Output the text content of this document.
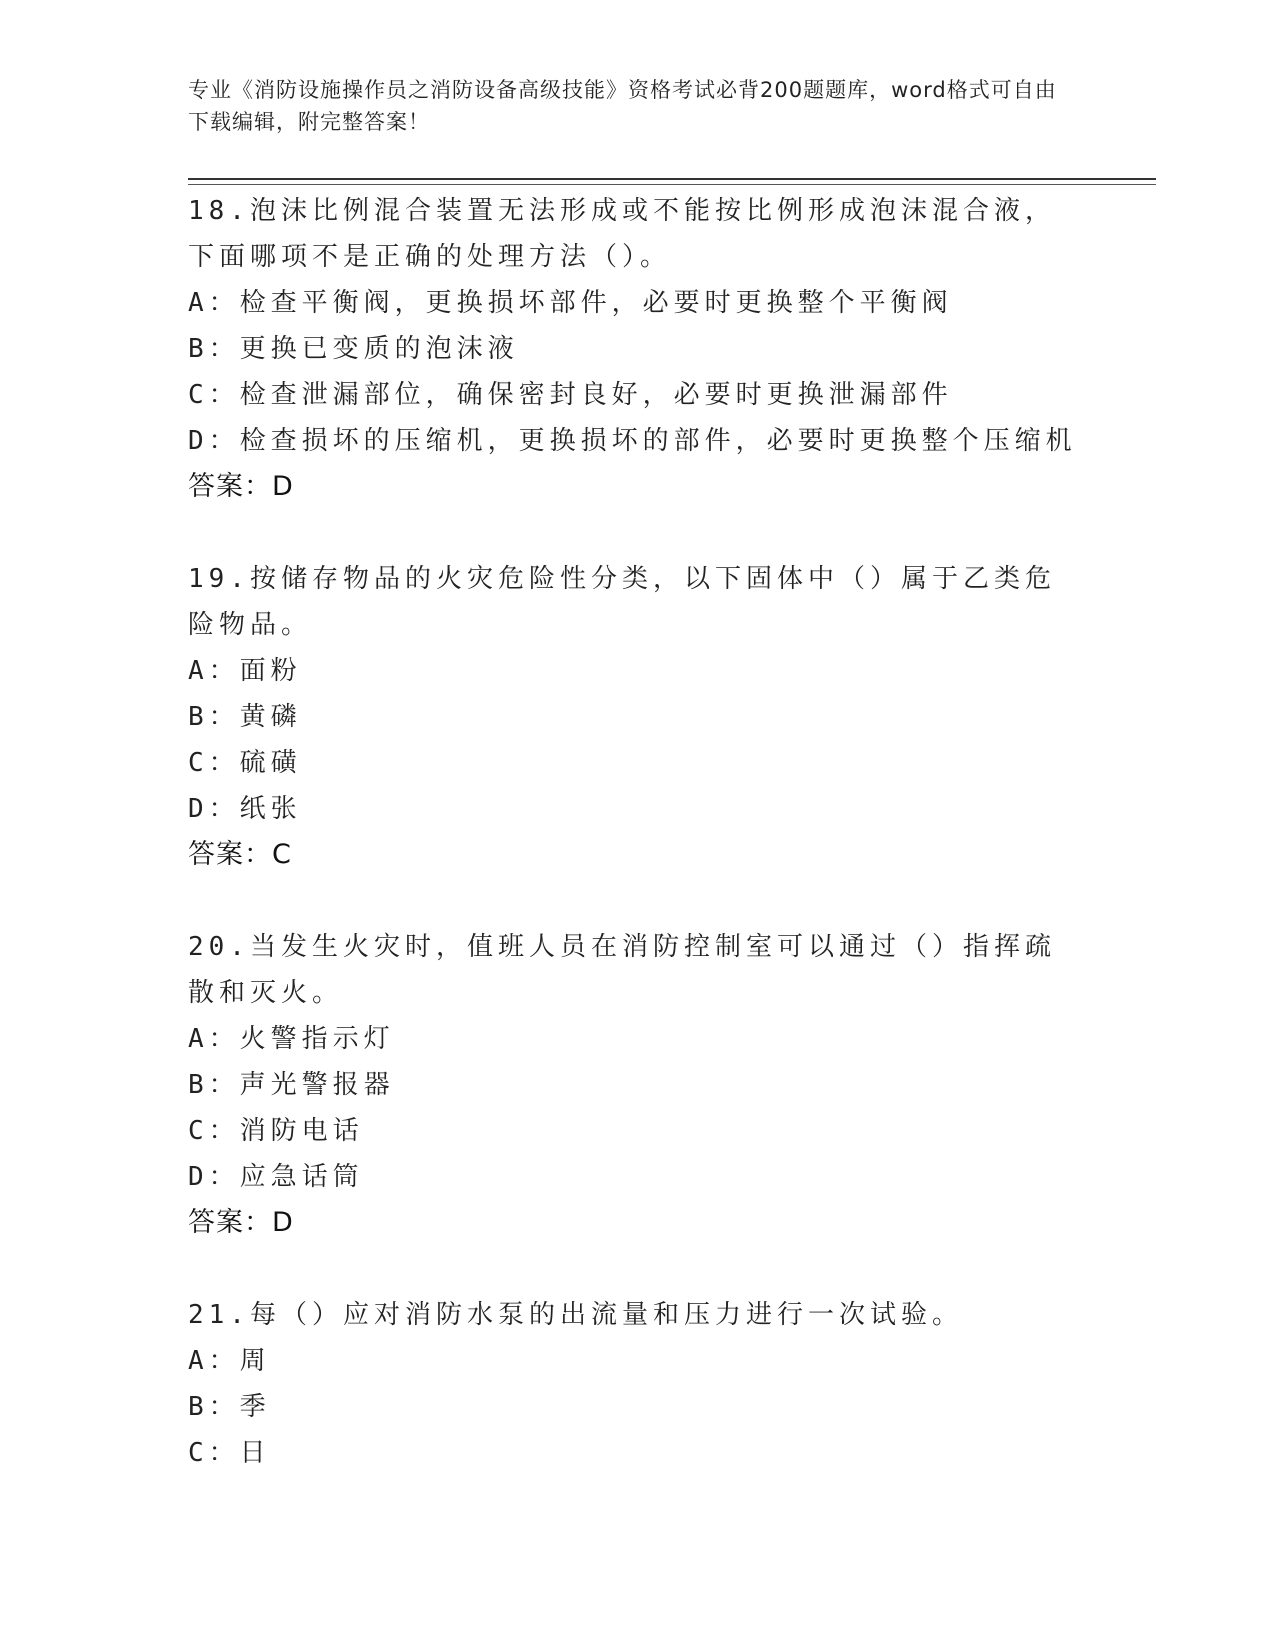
专业《消防设施操作员之消防设备高级技能》资格考试必背200题题库，word格式可自由下载编辑，附完整答案！
18.泡沫比例混合装置无法形成或不能按比例形成泡沫混合液，下面哪项不是正确的处理方法（）。
A：检查平衡阀，更换损坏部件，必要时更换整个平衡阀
B：更换已变质的泡沫液
C：检查泄漏部位，确保密封良好，必要时更换泄漏部件
D：检查损坏的压缩机，更换损坏的部件，必要时更换整个压缩机
答案：D
19.按储存物品的火灾危险性分类，以下固体中（）属于乙类危险物品。
A：面粉
B：黄磷
C：硫磺
D：纸张
答案：C
20.当发生火灾时，值班人员在消防控制室可以通过（）指挥疏散和灭火。
A：火警指示灯
B：声光警报器
C：消防电话
D：应急话筒
答案：D
21.每（）应对消防水泵的出流量和压力进行一次试验。
A：周
B：季
C：日
